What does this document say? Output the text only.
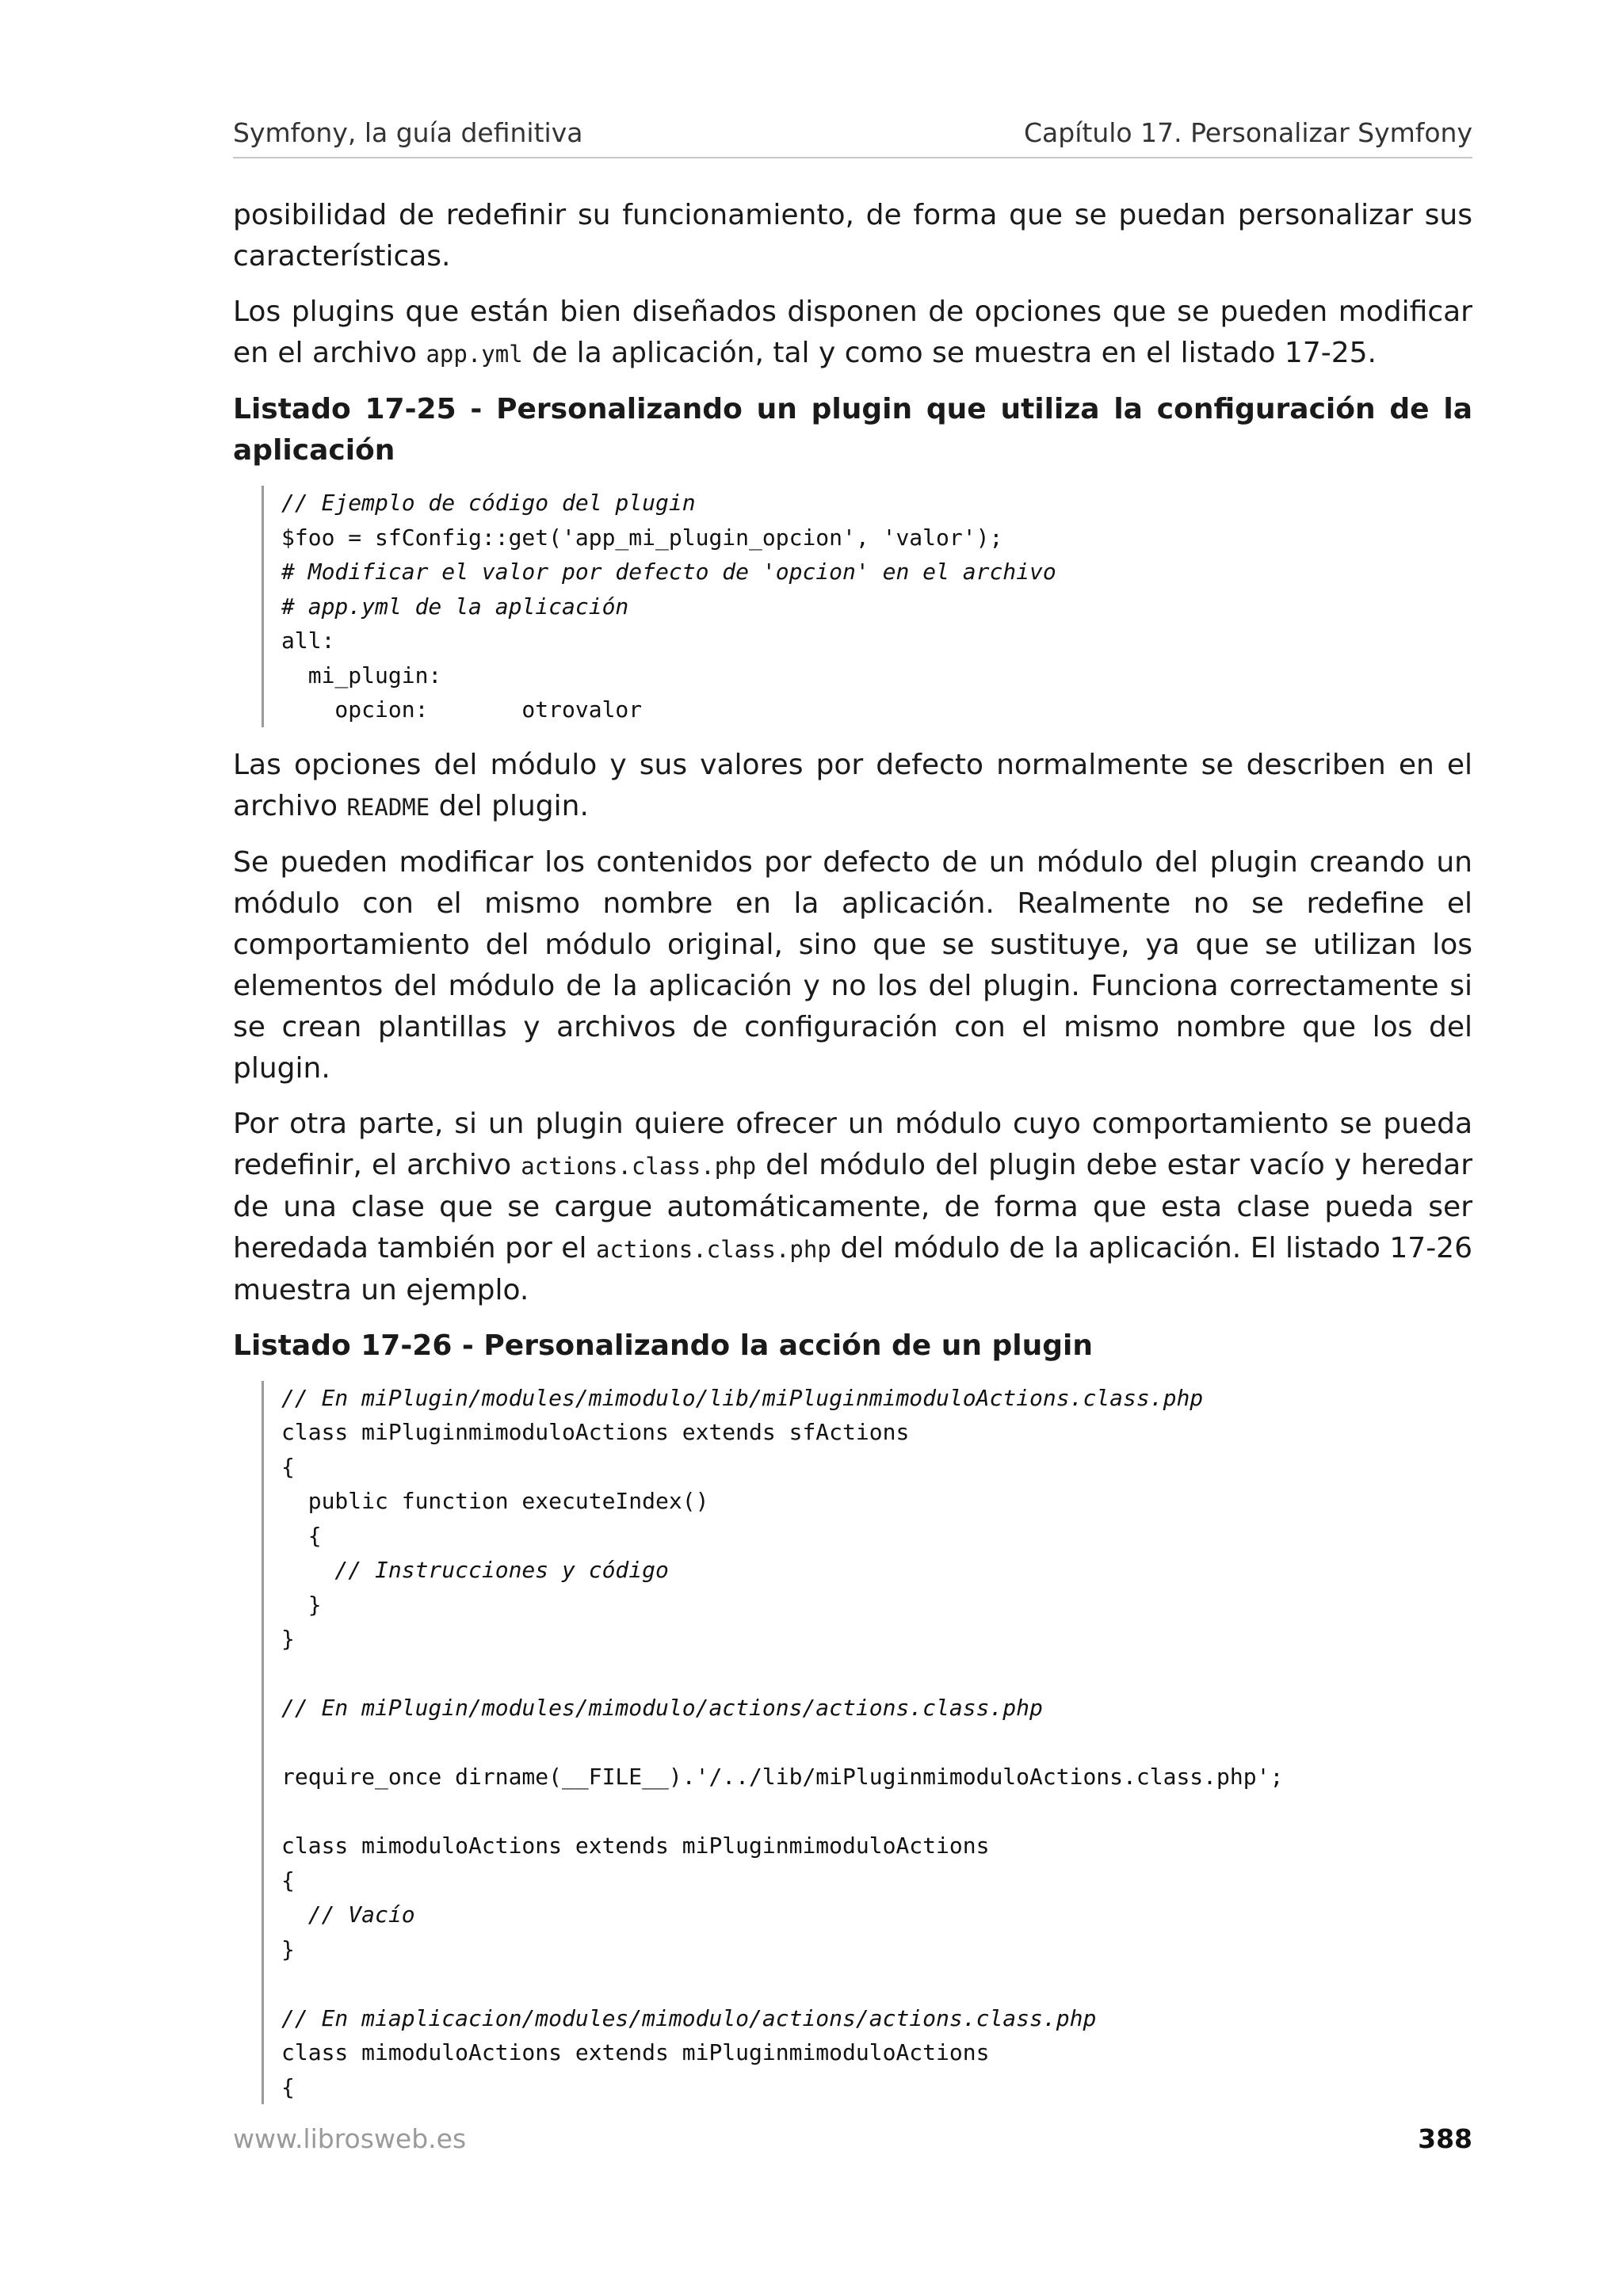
Symfony, la guía definitiva	Capítulo 17. Personalizar Symfony

posibilidad de redefinir su funcionamiento, de forma que se puedan personalizar sus características.

Los plugins que están bien diseñados disponen de opciones que se pueden modificar en el archivo app.yml de la aplicación, tal y como se muestra en el listado 17-25.

Listado 17-25 - Personalizando un plugin que utiliza la configuración de la aplicación
// Ejemplo de código del plugin
$foo = sfConfig::get('app_mi_plugin_opcion', 'valor');
# Modificar el valor por defecto de 'opcion' en el archivo
# app.yml de la aplicación
all:
mi_plugin:
opcion:       otrovalor

Las opciones del módulo y sus valores por defecto normalmente se describen en el archivo README del plugin.

Se pueden modificar los contenidos por defecto de un módulo del plugin creando un módulo con el mismo nombre en la aplicación. Realmente no se redefine el comportamiento del módulo original, sino que se sustituye, ya que se utilizan los elementos del módulo de la aplicación y no los del plugin. Funciona correctamente si se crean plantillas y archivos de configuración con el mismo nombre que los del plugin.

Por otra parte, si un plugin quiere ofrecer un módulo cuyo comportamiento se pueda redefinir, el archivo actions.class.php del módulo del plugin debe estar vacío y heredar de una clase que se cargue automáticamente, de forma que esta clase pueda ser heredada también por el actions.class.php del módulo de la aplicación. El listado 17-26 muestra un ejemplo.

Listado 17-26 - Personalizando la acción de un plugin
// En miPlugin/modules/mimodulo/lib/miPluginmimoduloActions.class.php
class miPluginmimoduloActions extends sfActions
{
public function executeIndex()
{
// Instrucciones y código
}
}
// En miPlugin/modules/mimodulo/actions/actions.class.php
require_once dirname(__FILE__).'/../lib/miPluginmimoduloActions.class.php';
class mimoduloActions extends miPluginmimoduloActions
{
// Vacío
}
// En miaplicacion/modules/mimodulo/actions/actions.class.php
class mimoduloActions extends miPluginmimoduloActions
{
www.librosweb.es	388
